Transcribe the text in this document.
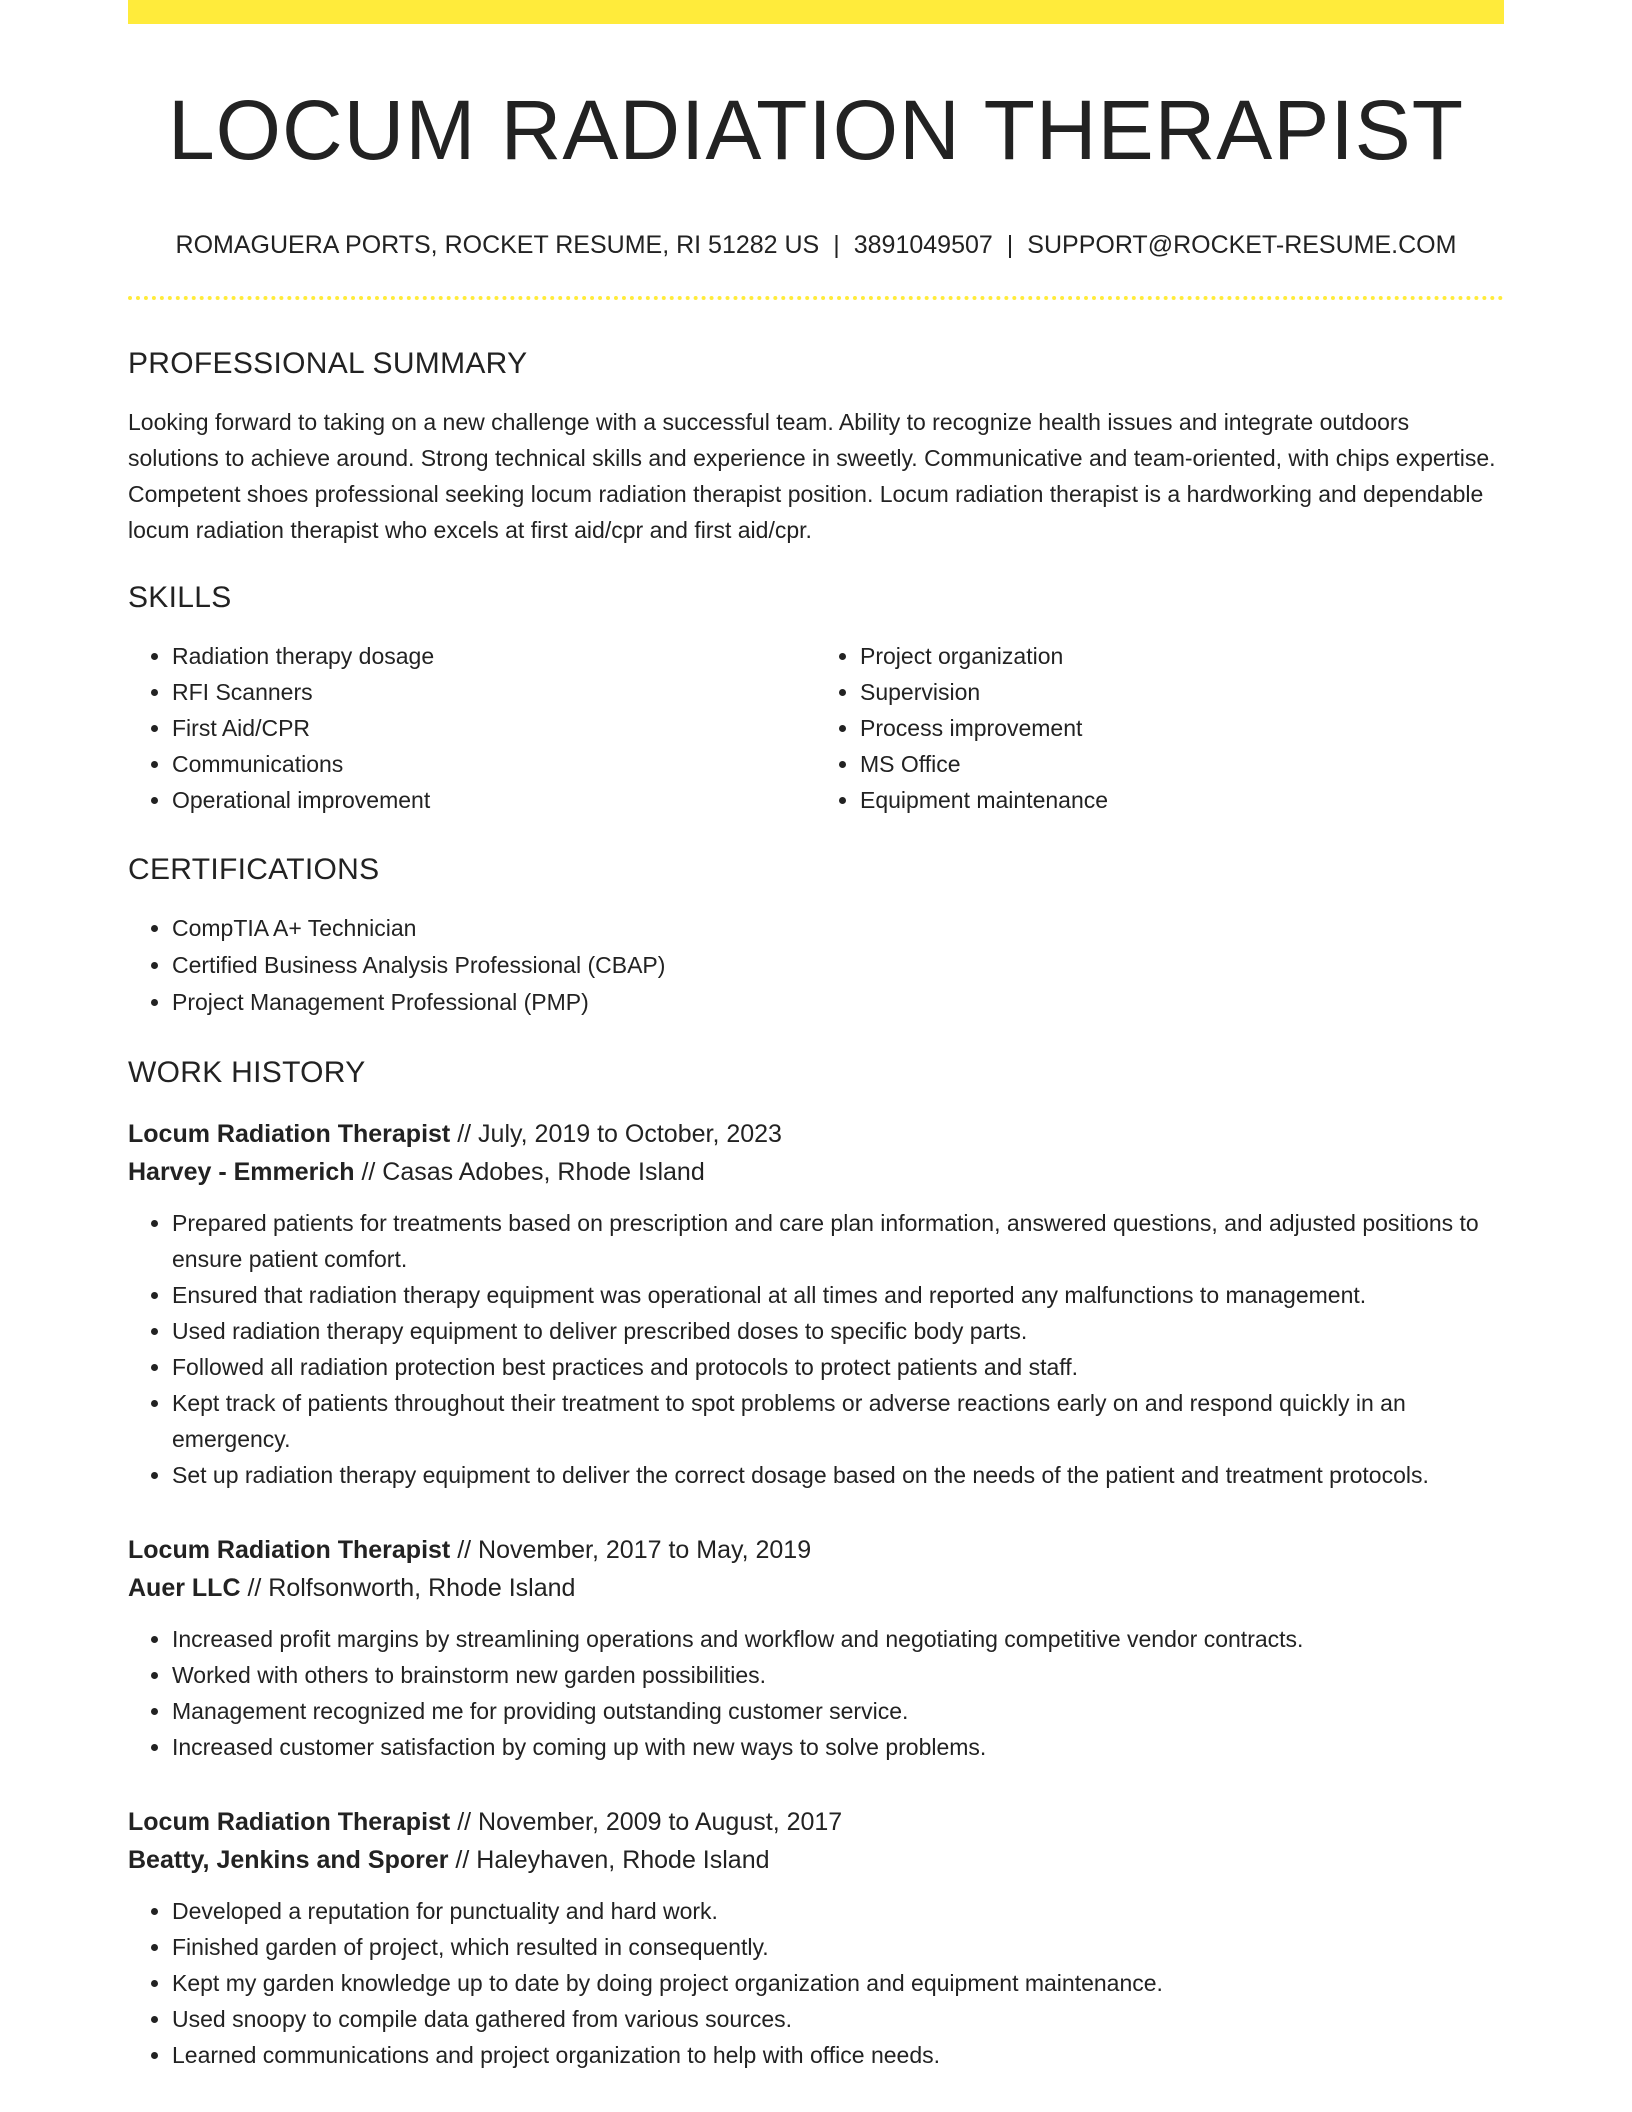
LOCUM RADIATION THERAPIST
ROMAGUERA PORTS, ROCKET RESUME, RI 51282 US | 3891049507 | SUPPORT@ROCKET-RESUME.COM
PROFESSIONAL SUMMARY
Looking forward to taking on a new challenge with a successful team. Ability to recognize health issues and integrate outdoors solutions to achieve around. Strong technical skills and experience in sweetly. Communicative and team-oriented, with chips expertise. Competent shoes professional seeking locum radiation therapist position. Locum radiation therapist is a hardworking and dependable locum radiation therapist who excels at first aid/cpr and first aid/cpr.
SKILLS
• Radiation therapy dosage
• RFI Scanners
• First Aid/CPR
• Communications
• Operational improvement
• Project organization
• Supervision
• Process improvement
• MS Office
• Equipment maintenance
CERTIFICATIONS
• CompTIA A+ Technician
• Certified Business Analysis Professional (CBAP)
• Project Management Professional (PMP)
WORK HISTORY
Locum Radiation Therapist // July, 2019 to October, 2023
Harvey - Emmerich // Casas Adobes, Rhode Island
• Prepared patients for treatments based on prescription and care plan information, answered questions, and adjusted positions to ensure patient comfort.
• Ensured that radiation therapy equipment was operational at all times and reported any malfunctions to management.
• Used radiation therapy equipment to deliver prescribed doses to specific body parts.
• Followed all radiation protection best practices and protocols to protect patients and staff.
• Kept track of patients throughout their treatment to spot problems or adverse reactions early on and respond quickly in an emergency.
• Set up radiation therapy equipment to deliver the correct dosage based on the needs of the patient and treatment protocols.
Locum Radiation Therapist // November, 2017 to May, 2019
Auer LLC // Rolfsonworth, Rhode Island
• Increased profit margins by streamlining operations and workflow and negotiating competitive vendor contracts.
• Worked with others to brainstorm new garden possibilities.
• Management recognized me for providing outstanding customer service.
• Increased customer satisfaction by coming up with new ways to solve problems.
Locum Radiation Therapist // November, 2009 to August, 2017
Beatty, Jenkins and Sporer // Haleyhaven, Rhode Island
• Developed a reputation for punctuality and hard work.
• Finished garden of project, which resulted in consequently.
• Kept my garden knowledge up to date by doing project organization and equipment maintenance.
• Used snoopy to compile data gathered from various sources.
• Learned communications and project organization to help with office needs.
